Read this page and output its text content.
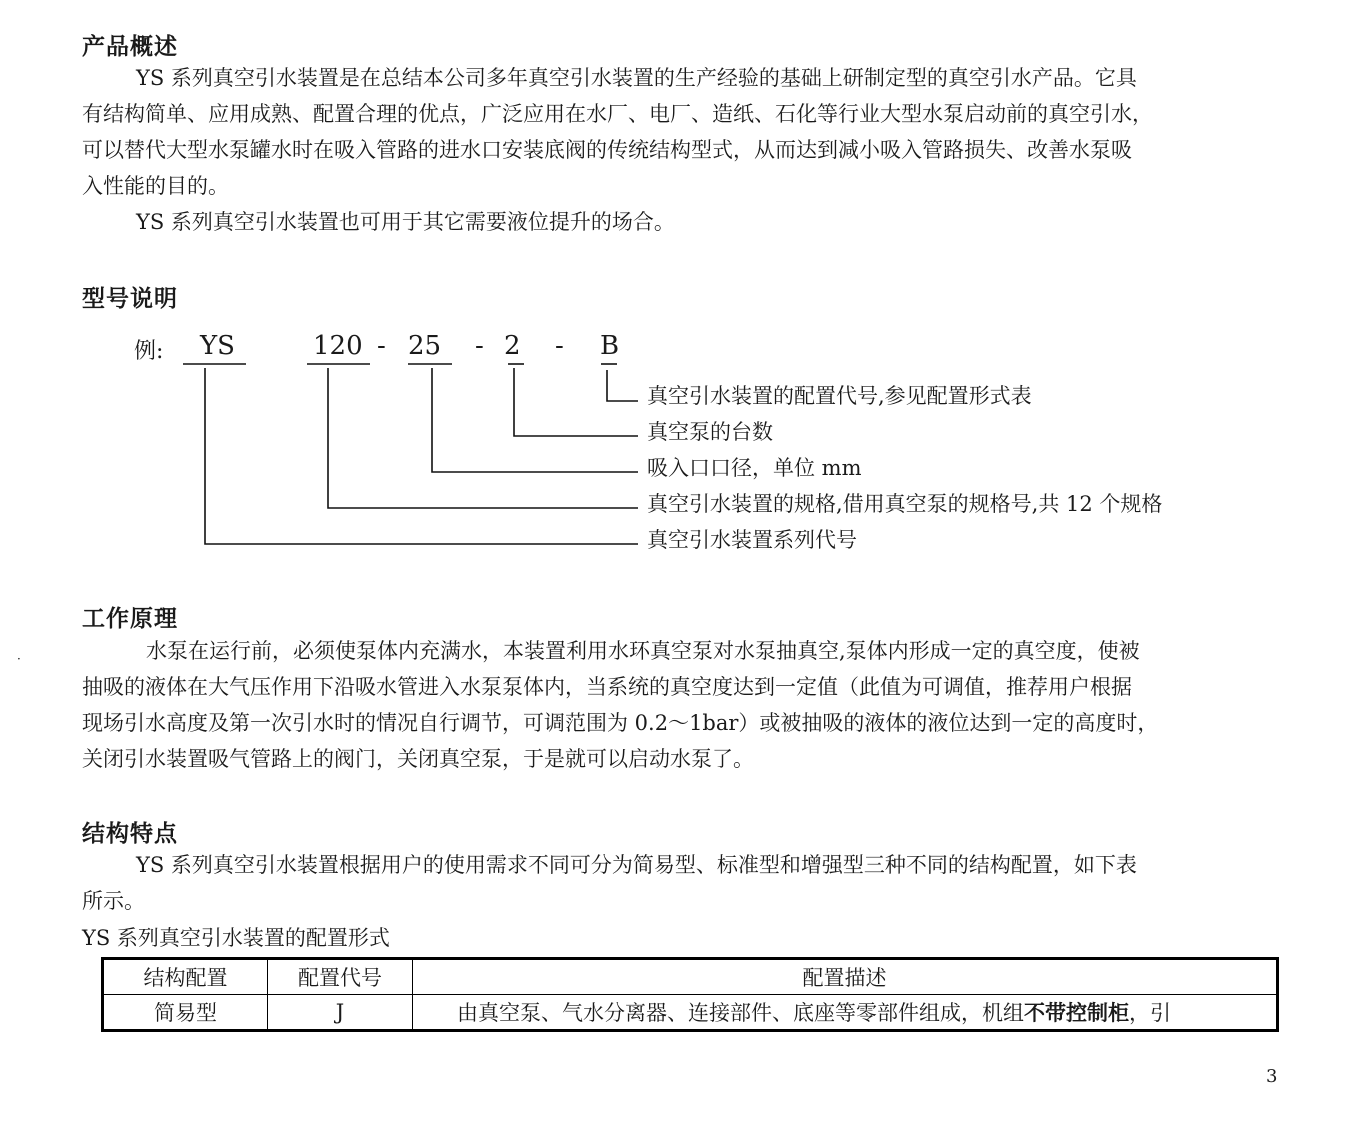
产品概述
YS 系列真空引水装置是在总结本公司多年真空引水装置的生产经验的基础上研制定型的真空引水产品。它具
有结构简单、应用成熟、配置合理的优点，广泛应用在水厂、电厂、造纸、石化等行业大型水泵启动前的真空引水，
可以替代大型水泵罐水时在吸入管路的进水口安装底阀的传统结构型式，从而达到减小吸入管路损失、改善水泵吸
入性能的目的。
YS 系列真空引水装置也可用于其它需要液位提升的场合。
型号说明
例: YS	120 - 25 - 2 - B
真空引水装置的配置代号,参见配置形式表
真空泵的台数
吸入口口径，单位 mm
真空引水装置的规格,借用真空泵的规格号,共 12 个规格
真空引水装置系列代号
工作原理
·	水泵在运行前，必须使泵体内充满水，本装置利用水环真空泵对水泵抽真空,泵体内形成一定的真空度，使被
抽吸的液体在大气压作用下沿吸水管进入水泵泵体内，当系统的真空度达到一定值（此值为可调值，推荐用户根据
现场引水高度及第一次引水时的情况自行调节，可调范围为 0.2～1bar）或被抽吸的液体的液位达到一定的高度时，
关闭引水装置吸气管路上的阀门，关闭真空泵，于是就可以启动水泵了。
结构特点
YS 系列真空引水装置根据用户的使用需求不同可分为简易型、标准型和增强型三种不同的结构配置，如下表
所示。
YS 系列真空引水装置的配置形式
结构配置	配置代号	配置描述
简易型	J	由真空泵、气水分离器、连接部件、底座等零部件组成，机组不带控制柜，引
3
